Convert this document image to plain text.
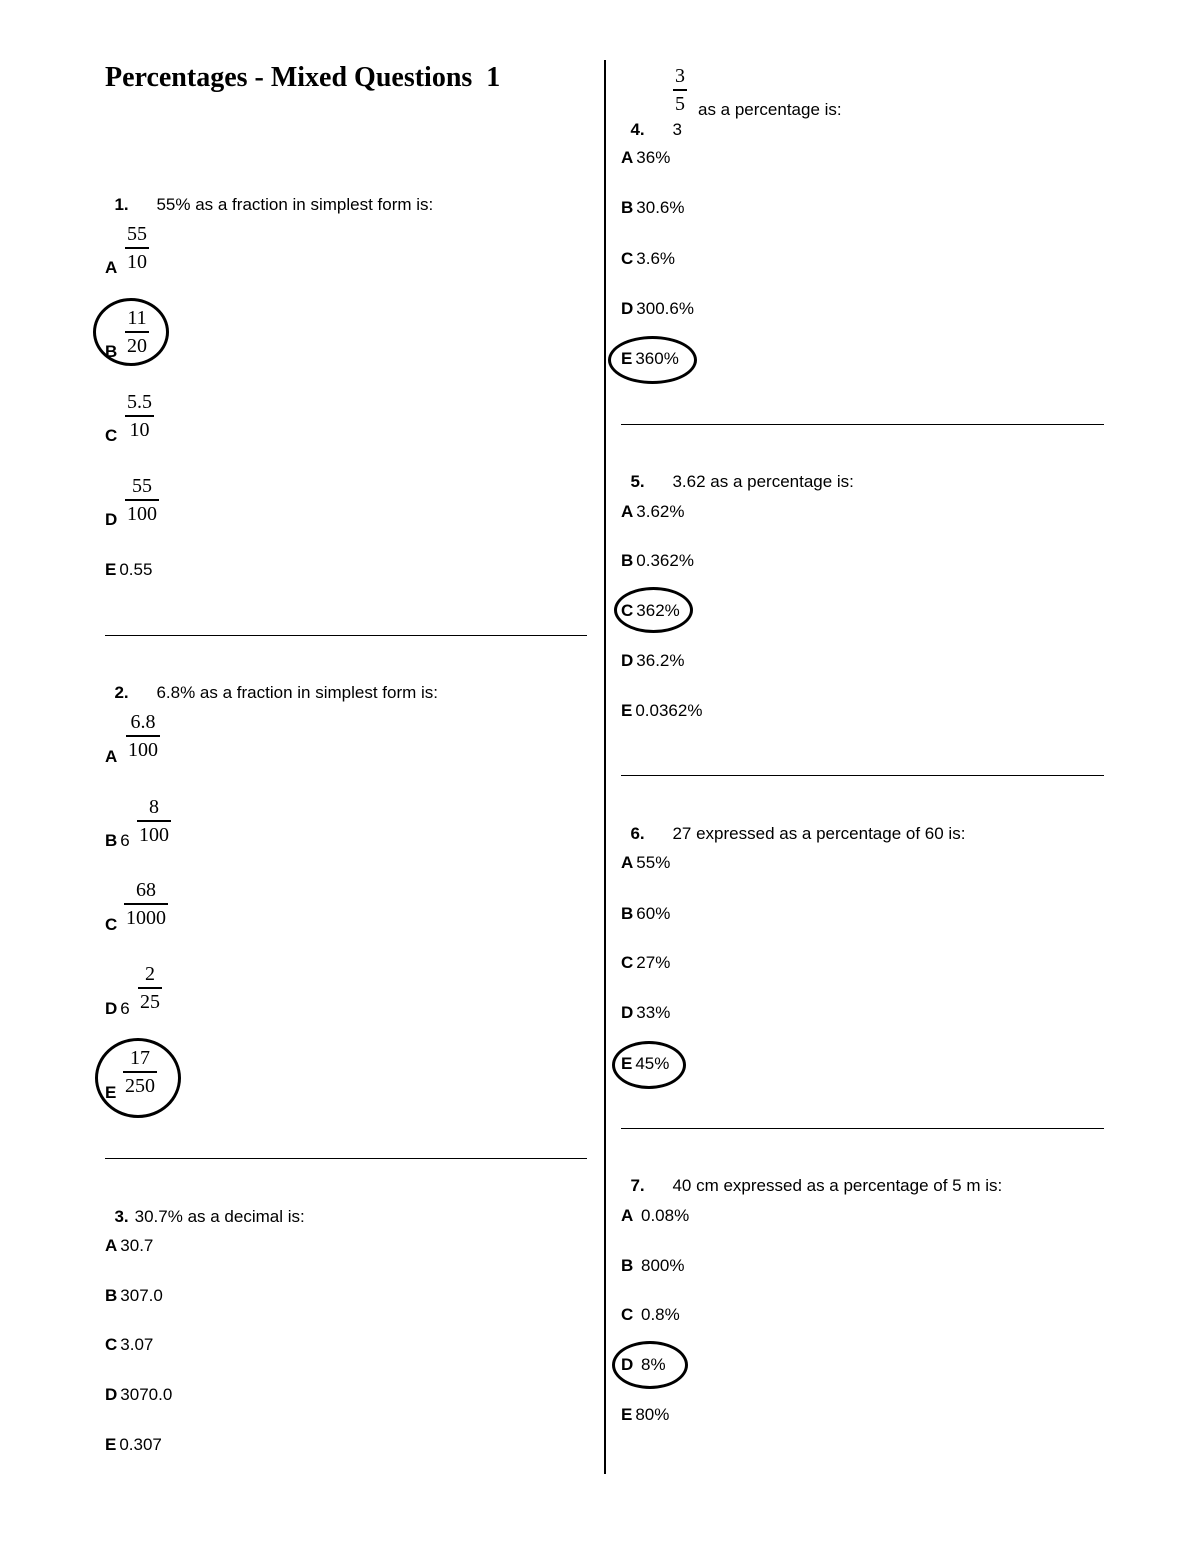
Percentages - Mixed Questions  1

1. 55% as a fraction in simplest form is:

A
55
10
B
11
20
C
5.5
10
D
55
100
E 0.55

2. 6.8% as a fraction in simplest form is:

A
6.8
100
B 6
8
100
C
68
1000
D 6
2
25
E
17
250

3. 30.7% as a decimal is:

A 30.7
B 307.0
C 3.07
D 3070.0
E 0.307

4. 3

3
5 as a percentage is:
A 36%
B 30.6%
C 3.6%
D 300.6%
E 360%

5. 3.62 as a percentage is:

A 3.62%
B 0.362%
C 362%
D 36.2%
E 0.0362%

6. 27 expressed as a percentage of 60 is:

A 55%
B 60%
C 27%
D 33%
E 45%

7. 40 cm expressed as a percentage of 5 m is:

A 0.08%
B 800%
C 0.8%
D 8%
E 80%
